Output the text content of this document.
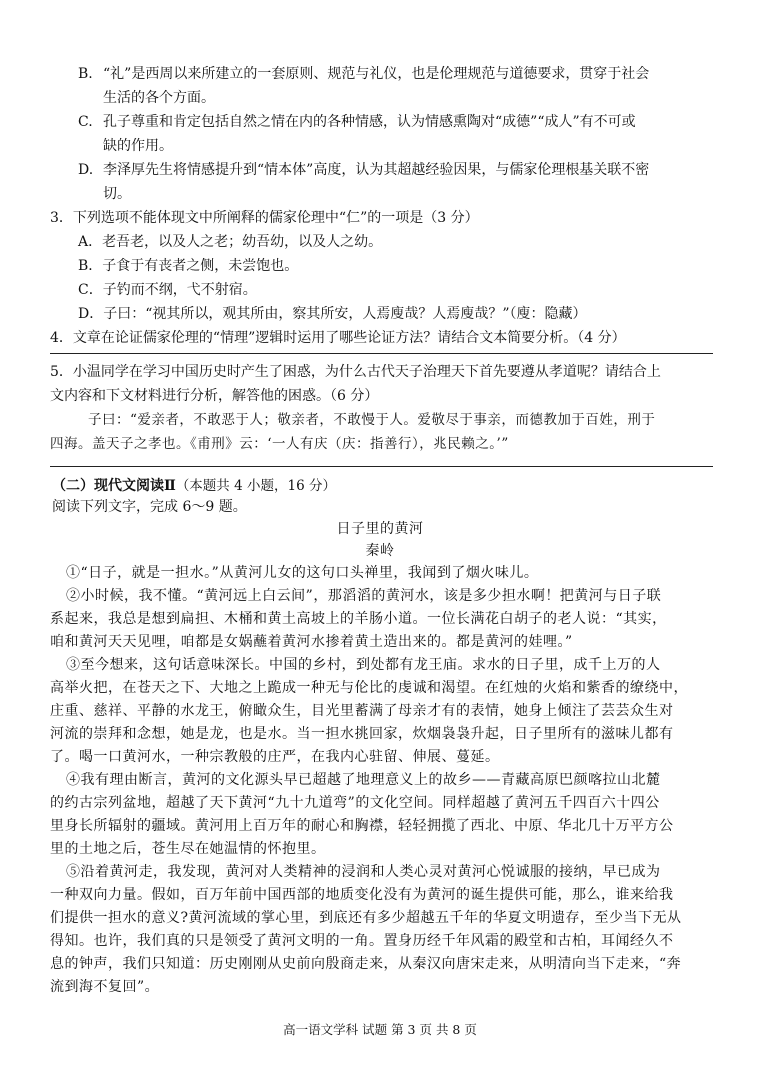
B. “礼”是西周以来所建立的一套原则、规范与礼仪，也是伦理规范与道德要求，贯穿于社会
生活的各个方面。
C. 孔子尊重和肯定包括自然之情在内的各种情感，认为情感熏陶对“成德”“成人”有不可或
缺的作用。
D. 李泽厚先生将情感提升到“情本体”高度，认为其超越经验因果，与儒家伦理根基关联不密
切。
3．下列选项不能体现文中所阐释的儒家伦理中“仁”的一项是（3 分）
A．老吾老，以及人之老；幼吾幼，以及人之幼。
B．子食于有丧者之侧，未尝饱也。
C．子钓而不纲，弋不射宿。
D．子曰：“视其所以，观其所由，察其所安，人焉廋哉？人焉廋哉？”（廋：隐藏）
4．文章在论证儒家伦理的“情理”逻辑时运用了哪些论证方法？请结合文本简要分析。（4 分）
5．小温同学在学习中国历史时产生了困惑，为什么古代天子治理天下首先要遵从孝道呢？请结合上
文内容和下文材料进行分析，解答他的困惑。（6 分）
子曰：“爱亲者，不敢恶于人；敬亲者，不敢慢于人。爱敬尽于事亲，而德教加于百姓，刑于
四海。盖天子之孝也。《甫刑》云：‘一人有庆（庆：指善行），兆民赖之。’”
（二）现代文阅读Ⅱ（本题共 4 小题，16 分）
阅读下列文字，完成 6～9 题。
日子里的黄河
秦岭
①“日子，就是一担水。”从黄河儿女的这句口头禅里，我闻到了烟火味儿。
②小时候，我不懂。“黄河远上白云间”，那滔滔的黄河水，该是多少担水啊！把黄河与日子联
系起来，我总是想到扁担、木桶和黄土高坡上的羊肠小道。一位长满花白胡子的老人说：“其实，
咱和黄河天天见哩，咱都是女娲蘸着黄河水掺着黄土造出来的。都是黄河的娃哩。”
③至今想来，这句话意味深长。中国的乡村，到处都有龙王庙。求水的日子里，成千上万的人
高举火把，在苍天之下、大地之上跪成一种无与伦比的虔诚和渴望。在红烛的火焰和紫香的缭绕中，
庄重、慈祥、平静的水龙王，俯瞰众生，目光里蓄满了母亲才有的表情，她身上倾注了芸芸众生对
河流的崇拜和念想，她是龙，也是水。当一担水挑回家，炊烟袅袅升起，日子里所有的滋味儿都有
了。喝一口黄河水，一种宗教般的庄严，在我内心驻留、伸展、蔓延。
④我有理由断言，黄河的文化源头早已超越了地理意义上的故乡——青藏高原巴颜喀拉山北麓
的约古宗列盆地，超越了天下黄河“九十九道弯”的文化空间。同样超越了黄河五千四百六十四公
里身长所辐射的疆域。黄河用上百万年的耐心和胸襟，轻轻拥揽了西北、中原、华北几十万平方公
里的土地之后，苍生尽在她温情的怀抱里。
⑤沿着黄河走，我发现，黄河对人类精神的浸润和人类心灵对黄河心悦诚服的接纳，早已成为
一种双向力量。假如，百万年前中国西部的地质变化没有为黄河的诞生提供可能，那么，谁来给我
们提供一担水的意义?黄河流域的掌心里，到底还有多少超越五千年的华夏文明遗存，至少当下无从
得知。也许，我们真的只是领受了黄河文明的一角。置身历经千年风霜的殿堂和古柏，耳闻经久不
息的钟声，我们只知道：历史刚刚从史前向殷商走来，从秦汉向唐宋走来，从明清向当下走来，“奔
流到海不复回”。
高一语文学科 试题 第 3 页 共 8 页
